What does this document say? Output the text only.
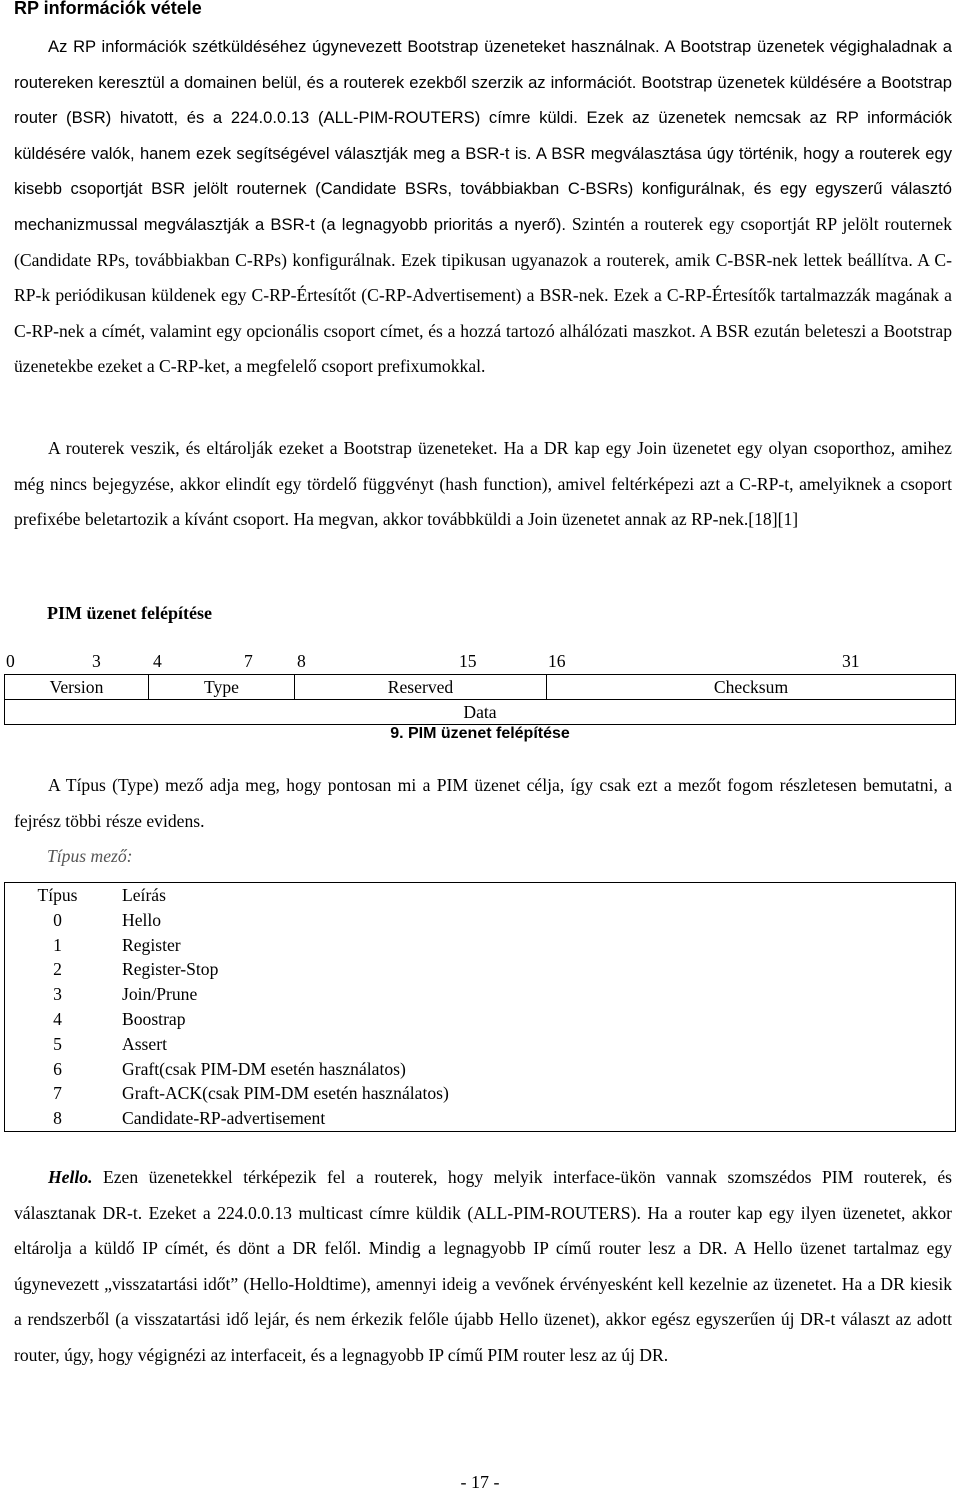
RP információk vétele

Az RP információk szétküldéséhez úgynevezett Bootstrap üzeneteket használnak. A Bootstrap üzenetek végighaladnak a routereken keresztül a domainen belül, és a routerek ezekből szerzik az információt. Bootstrap üzenetek küldésére a Bootstrap router (BSR) hivatott, és a 224.0.0.13 (ALL-PIM-ROUTERS) címre küldi. Ezek az üzenetek nemcsak az RP információk küldésére valók, hanem ezek segítségével választják meg a BSR-t is. A BSR megválasztása úgy történik, hogy a routerek egy kisebb csoportját BSR jelölt routernek (Candidate BSRs, továbbiakban C-BSRs) konfigurálnak, és egy egyszerű választó mechanizmussal megválasztják a BSR-t (a legnagyobb prioritás a nyerő). Szintén a routerek egy csoportját RP jelölt routernek (Candidate RPs, továbbiakban C-RPs) konfigurálnak. Ezek tipikusan ugyanazok a routerek, amik C-BSR-nek lettek beállítva. A C-RP-k periódikusan küldenek egy C-RP-Értesítőt (C-RP-Advertisement) a BSR-nek. Ezek a C-RP-Értesítők tartalmazzák magának a C-RP-nek a címét, valamint egy opcionális csoport címet, és a hozzá tartozó alhálózati maszkot. A BSR ezután beleteszi a Bootstrap üzenetekbe ezeket a C-RP-ket, a megfelelő csoport prefixumokkal.

A routerek veszik, és eltárolják ezeket a Bootstrap üzeneteket. Ha a DR kap egy Join üzenetet egy olyan csoporthoz, amihez még nincs bejegyzése, akkor elindít egy tördelő függvényt (hash function), amivel feltérképezi azt a C-RP-t, amelyiknek a csoport prefixébe beletartozik a kívánt csoport. Ha megvan, akkor továbbküldi a Join üzenetet annak az RP-nek.[18][1]

PIM üzenet felépítése
0	3	4	7	8	15	16	31
Version	Type	Reserved	Checksum
Data
9. PIM üzenet felépítése

A Típus (Type) mező adja meg, hogy pontosan mi a PIM üzenet célja, így csak ezt a mezőt fogom részletesen bemutatni, a fejrész többi része evidens.

Típus mező:
Típus	Leírás
0	Hello
1	Register
2	Register-Stop
3	Join/Prune
4	Boostrap
5	Assert
6	Graft(csak PIM-DM esetén használatos)
7	Graft-ACK(csak PIM-DM esetén használatos)
8	Candidate-RP-advertisement

Hello. Ezen üzenetekkel térképezik fel a routerek, hogy melyik interface-ükön vannak szomszédos PIM routerek, és választanak DR-t. Ezeket a 224.0.0.13 multicast címre küldik (ALL-PIM-ROUTERS). Ha a router kap egy ilyen üzenetet, akkor eltárolja a küldő IP címét, és dönt a DR felől. Mindig a legnagyobb IP című router lesz a DR. A Hello üzenet tartalmaz egy úgynevezett „visszatartási időt” (Hello-Holdtime), amennyi ideig a vevőnek érvényesként kell kezelnie az üzenetet. Ha a DR kiesik a rendszerből (a visszatartási idő lejár, és nem érkezik felőle újabb Hello üzenet), akkor egész egyszerűen új DR-t választ az adott router, úgy, hogy végignézi az interfaceit, és a legnagyobb IP című PIM router lesz az új DR.

- 17 -
